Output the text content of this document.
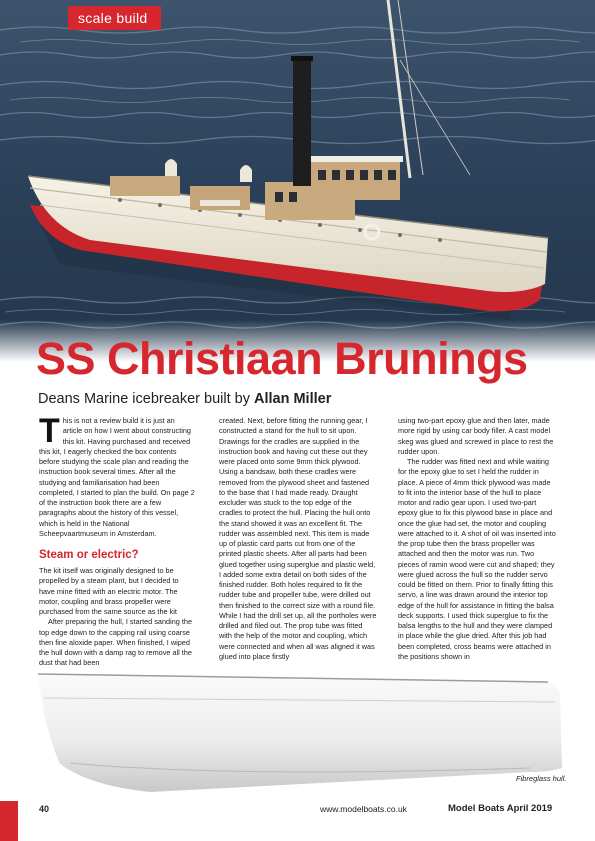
scale build
SS Christiaan Brunings
Deans Marine icebreaker built by Allan Miller

This is not a review build it is just an article on how I went about constructing this kit. Having purchased and received this kit, I eagerly checked the box contents before studying the scale plan and reading the instruction book several times. After all the studying and familiarisation had been completed, I started to plan the build. On page 2 of the instruction book there are a few paragraphs about the history of this vessel, which is held in the National Scheepvaartmuseum in Amsterdam.

Steam or electric?

The kit itself was originally designed to be propelled by a steam plant, but I decided to have mine fitted with an electric motor. The motor, coupling and brass propeller were purchased from the same source as the kit

After preparing the hull, I started sanding the top edge down to the capping rail using coarse then fine aloxide paper. When finished, I wiped the hull down with a damp rag to remove all the dust that had been

created. Next, before fitting the running gear, I constructed a stand for the hull to sit upon. Drawings for the cradles are supplied in the instruction book and having cut these out they were placed onto some 9mm thick plywood. Using a bandsaw, both these cradles were removed from the plywood sheet and fastened to the base that I had made ready. Draught excluder was stuck to the top edge of the cradles to protect the hull. Placing the hull onto the stand showed it was an excellent fit. The rudder was assembled next. This item is made up of plastic card parts cut from one of the printed plastic sheets. After all parts had been glued together using superglue and plastic weld, I added some extra detail on both sides of the finished rudder. Both holes required to fit the rudder tube and propeller tube, were drilled out then finished to the correct size with a round file. While I had the drill set up, all the portholes were drilled and filed out. The prop tube was fitted with the help of the motor and coupling, which were connected and when all was aligned it was glued into place firstly

using two-part epoxy glue and then later, made more rigid by using car body filler. A cast model skeg was glued and screwed in place to rest the rudder upon.

The rudder was fitted next and while waiting for the epoxy glue to set I held the rudder in place. A piece of 4mm thick plywood was made to fit into the interior base of the hull to place motor and radio gear upon. I used two-part epoxy glue to fix this plywood base in place and once the glue had set, the motor and coupling were attached to it. A shot of oil was inserted into the prop tube then the brass propeller was attached and then the motor was run. Two pieces of ramin wood were cut and shaped; they were glued across the hull so the rudder servo could be fitted on them. Prior to finally fitting this servo, a line was drawn around the interior top edge of the hull for assistance in fitting the balsa deck supports. I used thick superglue to fix the balsa lengths to the hull and they were clamped in place while the glue dried. After this job had been completed, cross beams were attached in the positions shown in

Fibreglass hull.
40	www.modelboats.co.uk	Model Boats April 2019
